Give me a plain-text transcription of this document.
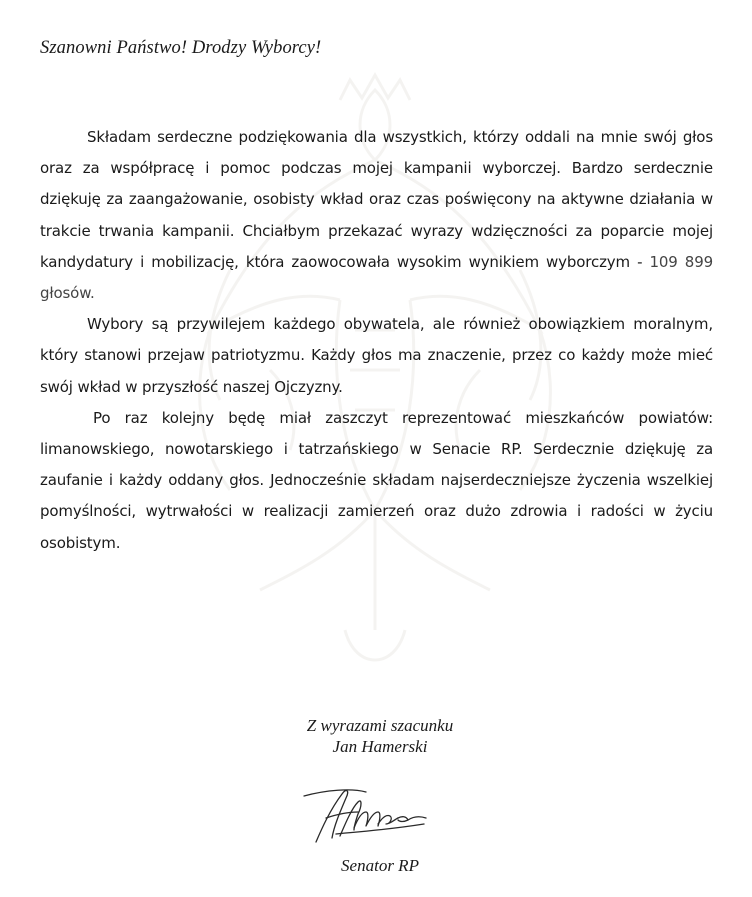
Szanowni Państwo! Drodzy Wyborcy!

Składam serdeczne podziękowania dla wszystkich, którzy oddali na mnie swój głos oraz za współpracę i pomoc podczas mojej kampanii wyborczej. Bardzo serdecznie dziękuję za zaangażowanie, osobisty wkład oraz czas poświęcony na aktywne działania w trakcie trwania kampanii. Chciałbym przekazać wyrazy wdzięczności za poparcie mojej kandydatury i mobilizację, która zaowocowała wysokim wynikiem wyborczym - 109 899 głosów.

Wybory są przywilejem każdego obywatela, ale również obowiązkiem moralnym, który stanowi przejaw patriotyzmu. Każdy głos ma znaczenie, przez co każdy może mieć swój wkład w przyszłość naszej Ojczyzny.

Po raz kolejny będę miał zaszczyt reprezentować mieszkańców powiatów: limanowskiego, nowotarskiego i tatrzańskiego w Senacie RP. Serdecznie dziękuję za zaufanie i każdy oddany głos. Jednocześnie składam najserdeczniejsze życzenia wszelkiej pomyślności, wytrwałości w realizacji zamierzeń oraz dużo zdrowia i radości w życiu osobistym.

Z wyrazami szacunku

Jan Hamerski

Senator RP
